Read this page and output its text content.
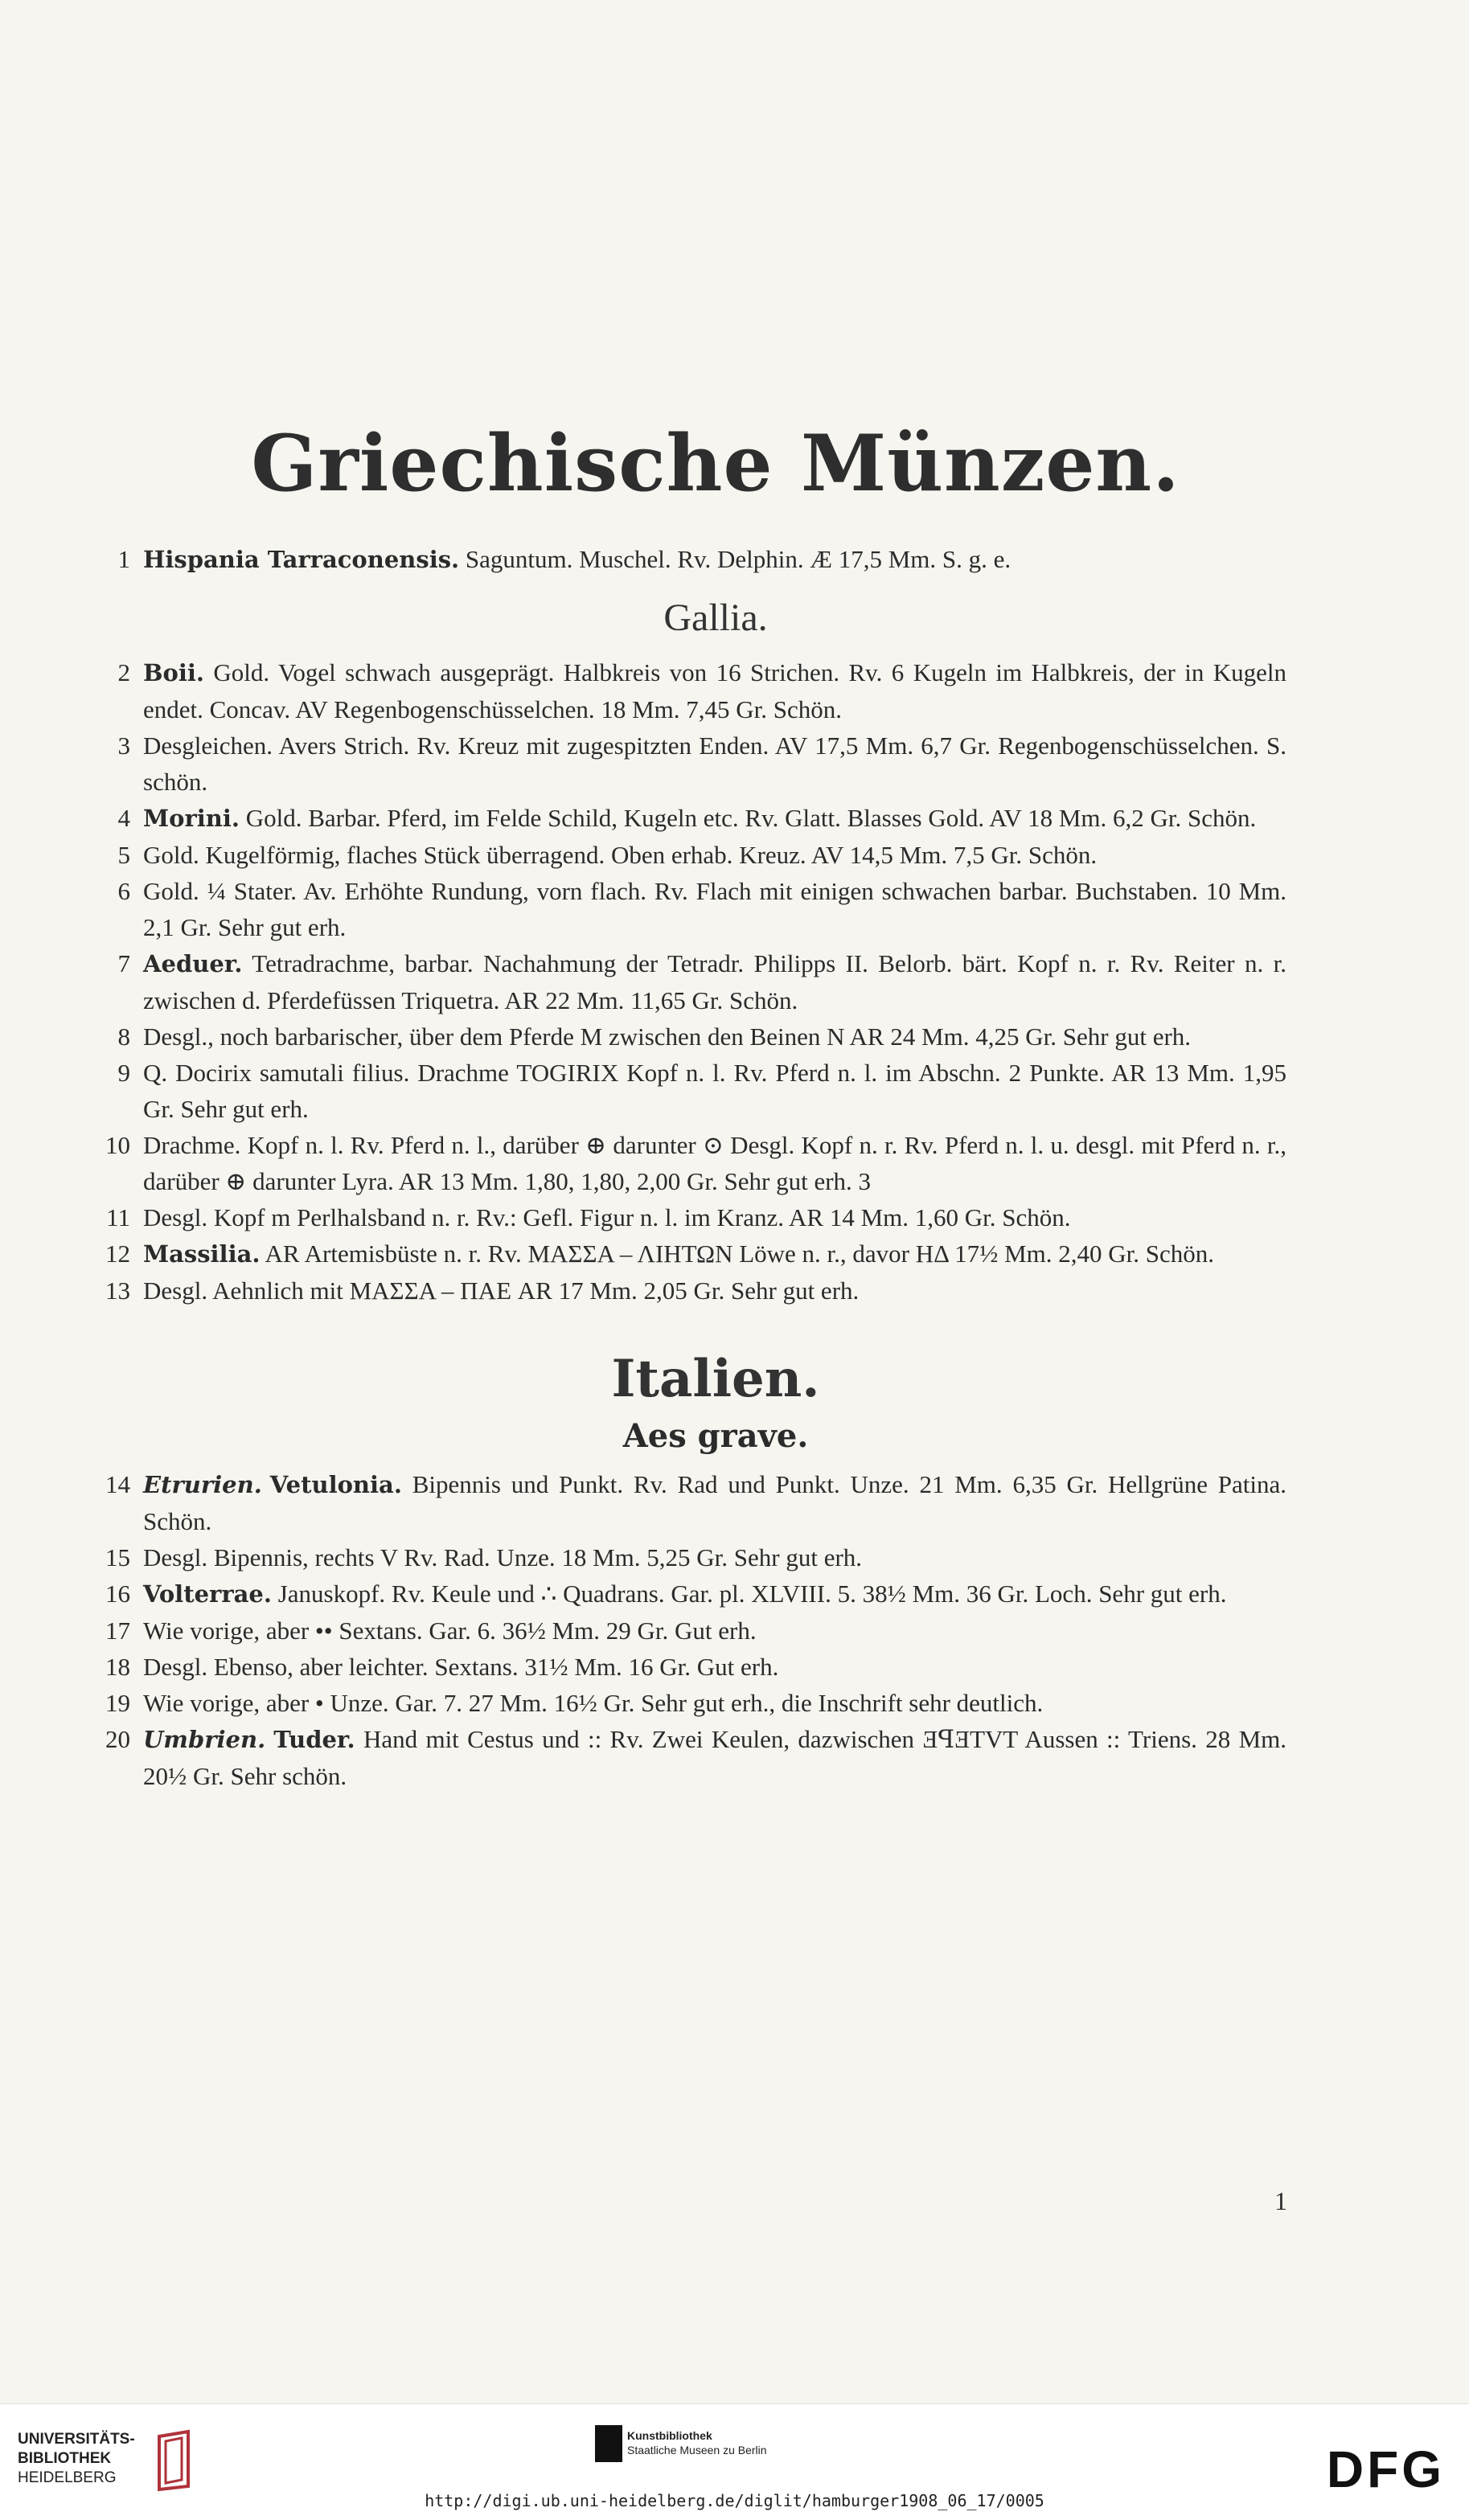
Griechische Münzen.
1 Hispania Tarraconensis. Saguntum. Muschel. Rv. Delphin. Æ 17,5 Mm. S. g. e.
Gallia.
2 Boii. Gold. Vogel schwach ausgeprägt. Halbkreis von 16 Strichen. Rv. 6 Kugeln im Halbkreis, der in Kugeln endet. Concav. AV Regenbogenschüsselchen. 18 Mm. 7,45 Gr. Schön.
3 Desgleichen. Avers Strich. Rv. Kreuz mit zugespitzten Enden. AV 17,5 Mm. 6,7 Gr. Regenbogenschüsselchen. S. schön.
4 Morini. Gold. Barbar. Pferd, im Felde Schild, Kugeln etc. Rv. Glatt. Blasses Gold. AV 18 Mm. 6,2 Gr. Schön.
5 Gold. Kugelförmig, flaches Stück überragend. Oben erhab. Kreuz. AV 14,5 Mm. 7,5 Gr. Schön.
6 Gold. ¼ Stater. Av. Erhöhte Rundung, vorn flach. Rv. Flach mit einigen schwachen barbar. Buchstaben. 10 Mm. 2,1 Gr. Sehr gut erh.
7 Aeduer. Tetradrachme, barbar. Nachahmung der Tetradr. Philipps II. Belorb. bärt. Kopf n. r. Rv. Reiter n. r. zwischen d. Pferdefüssen Triquetra. AR 22 Mm. 11,65 Gr. Schön.
8 Desgl., noch barbarischer, über dem Pferde M zwischen den Beinen N AR 24 Mm. 4,25 Gr. Sehr gut erh.
9 Q. Docirix samutali filius. Drachme TOGIRIX Kopf n. l. Rv. Pferd n. l. im Abschn. 2 Punkte. AR 13 Mm. 1,95 Gr. Sehr gut erh.
10 Drachme. Kopf n. l. Rv. Pferd n. l., darüber ⊕ darunter ⊙ Desgl. Kopf n. r. Rv. Pferd n. l. u. desgl. mit Pferd n. r., darüber ⊕ darunter Lyra. AR 13 Mm. 1,80, 1,80, 2,00 Gr. Sehr gut erh. 3
11 Desgl. Kopf m Perlhalsband n. r. Rv.: Gefl. Figur n. l. im Kranz. AR 14 Mm. 1,60 Gr. Schön.
12 Massilia. AR Artemisbüste n. r. Rv. ΜΑΣΣΑ – ΛΙΗΤΩΝ Löwe n. r., davor ΗΔ 17½ Mm. 2,40 Gr. Schön.
13 Desgl. Aehnlich mit ΜΑΣΣΑ – ΠΑΕ AR 17 Mm. 2,05 Gr. Sehr gut erh.
Italien.
Aes grave.
14 Etrurien. Vetulonia. Bipennis und Punkt. Rv. Rad und Punkt. Unze. 21 Mm. 6,35 Gr. Hellgrüne Patina. Schön.
15 Desgl. Bipennis, rechts V Rv. Rad. Unze. 18 Mm. 5,25 Gr. Sehr gut erh.
16 Volterrae. Januskopf. Rv. Keule und ∴ Quadrans. Gar. pl. XLVIII. 5. 38½ Mm. 36 Gr. Loch. Sehr gut erh.
17 Wie vorige, aber •• Sextans. Gar. 6. 36½ Mm. 29 Gr. Gut erh.
18 Desgl. Ebenso, aber leichter. Sextans. 31½ Mm. 16 Gr. Gut erh.
19 Wie vorige, aber • Unze. Gar. 7. 27 Mm. 16½ Gr. Sehr gut erh., die Inschrift sehr deutlich.
20 Umbrien. Tuder. Hand mit Cestus und :: Rv. Zwei Keulen, dazwischen ƎꟼƎTVT Aussen :: Triens. 28 Mm. 20½ Gr. Sehr schön.
1
UNIVERSITÄTS-
BIBLIOTHEK
HEIDELBERG
Kunstbibliothek
Staatliche Museen zu Berlin	DFG
http://digi.ub.uni-heidelberg.de/diglit/hamburger1908_06_17/0005
